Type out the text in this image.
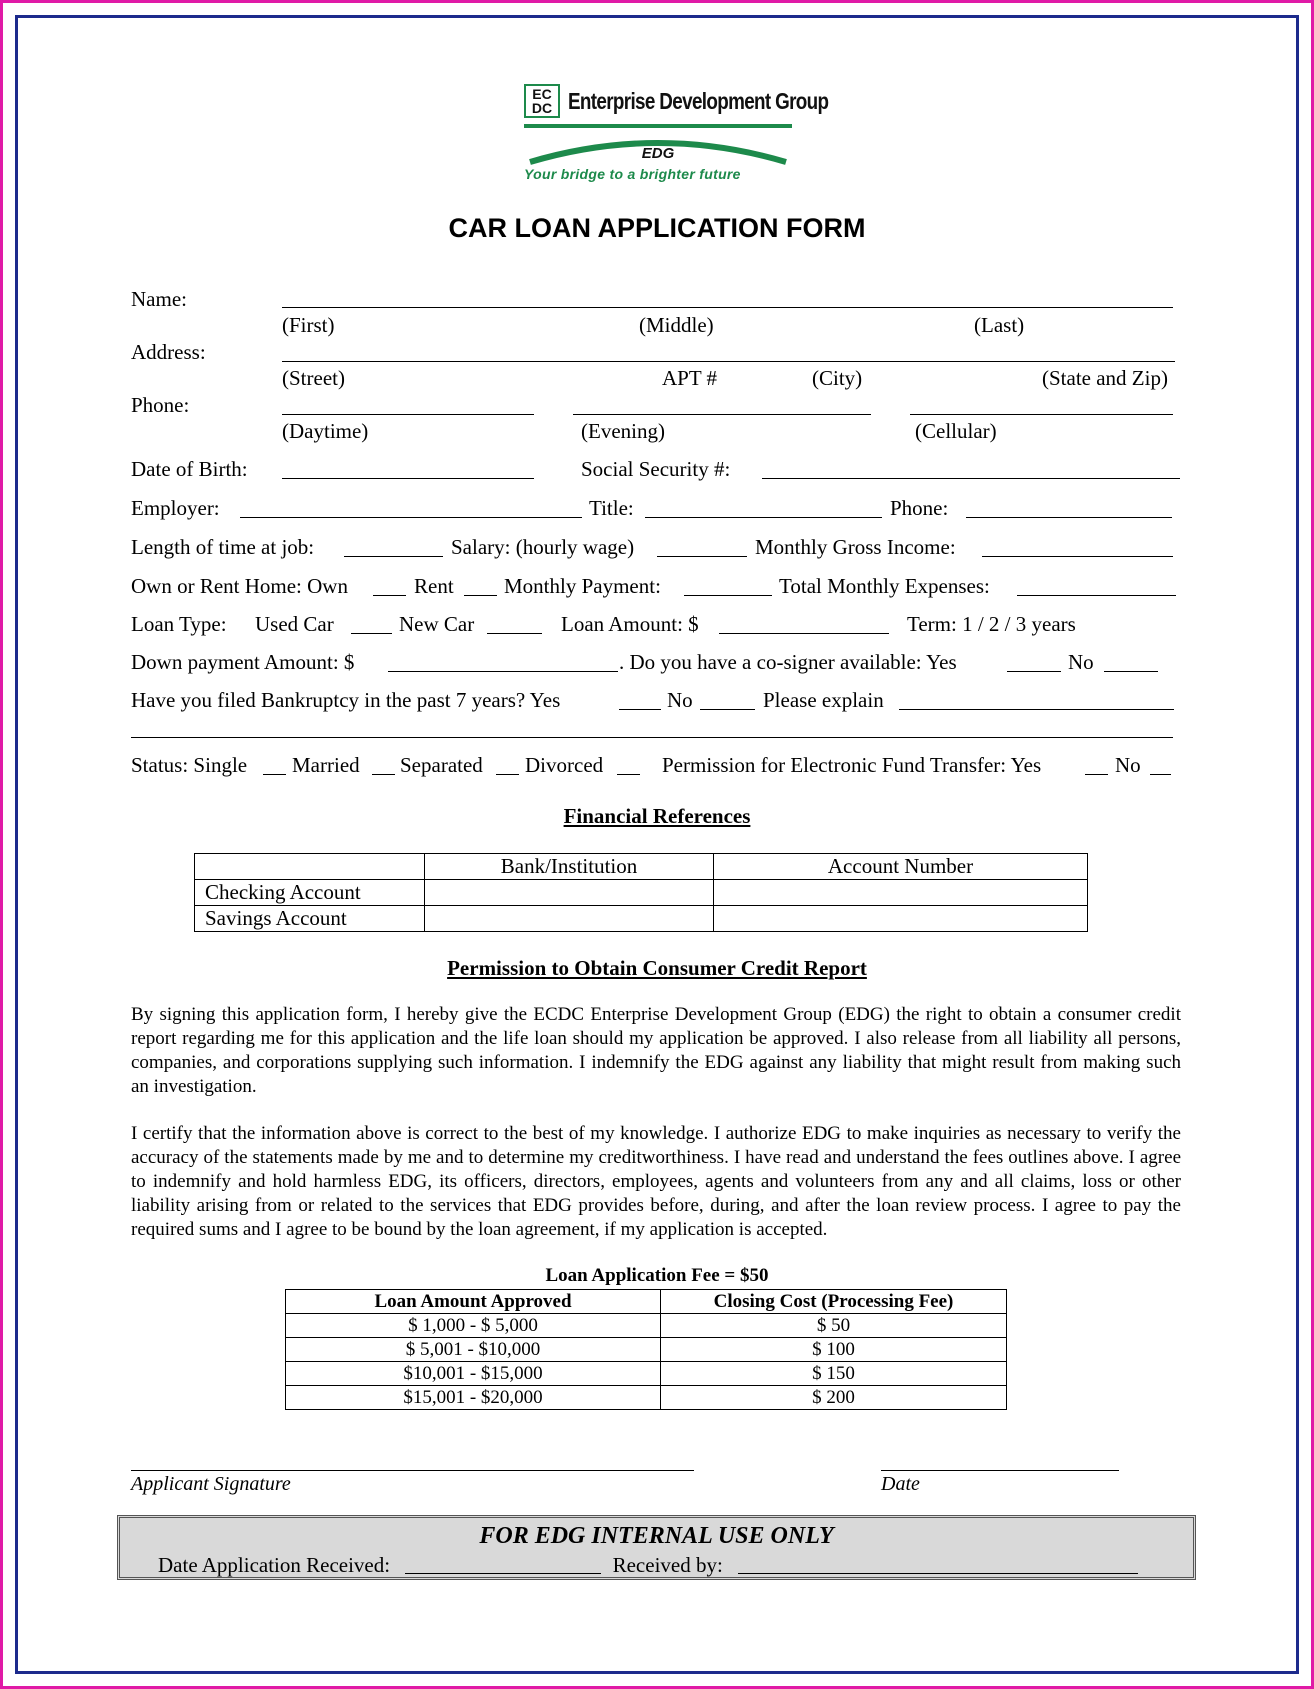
EC
DC Enterprise Development Group
EDG
Your bridge to a brighter future
CAR LOAN APPLICATION FORM
Name:
(First)	(Middle)	(Last)
Address:
(Street)	APT #	(City)	(State and Zip)
Phone:
(Daytime)	(Evening)	(Cellular)
Date of Birth:	Social Security #:
Employer:	Title:	Phone:
Length of time at job:	Salary: (hourly wage)	Monthly Gross Income:
Own or Rent Home: Own	Rent Monthly Payment:	Total Monthly Expenses:
Loan Type: Used Car	New Car	Loan Amount: $	Term: 1 / 2 / 3 years
Down payment Amount: $	. Do you have a co-signer available: Yes	No
Have you filed Bankruptcy in the past 7 years? Yes	No	Please explain
Status: Single Married Separated Divorced	Permission for Electronic Fund Transfer: Yes	No
Financial References
	Bank/Institution	Account Number
Checking Account		
Savings Account		
Permission to Obtain Consumer Credit Report
By signing this application form, I hereby give the ECDC Enterprise Development Group (EDG) the right to obtain a consumer credit report regarding me for this application and the life loan should my application be approved. I also release from all liability all persons, companies, and corporations supplying such information. I indemnify the EDG against any liability that might result from making such an investigation.
I certify that the information above is correct to the best of my knowledge. I authorize EDG to make inquiries as necessary to verify the accuracy of the statements made by me and to determine my creditworthiness. I have read and understand the fees outlines above. I agree to indemnify and hold harmless EDG, its officers, directors, employees, agents and volunteers from any and all claims, loss or other liability arising from or related to the services that EDG provides before, during, and after the loan review process. I agree to pay the required sums and I agree to be bound by the loan agreement, if my application is accepted.
Loan Application Fee = $50
Loan Amount Approved	Closing Cost (Processing Fee)
$ 1,000 - $ 5,000	$ 50
$ 5,001 - $10,000	$ 100
$10,001 - $15,000	$ 150
$15,001 - $20,000	$ 200
Applicant Signature	Date
FOR EDG INTERNAL USE ONLY
Date Application Received:	Received by:
